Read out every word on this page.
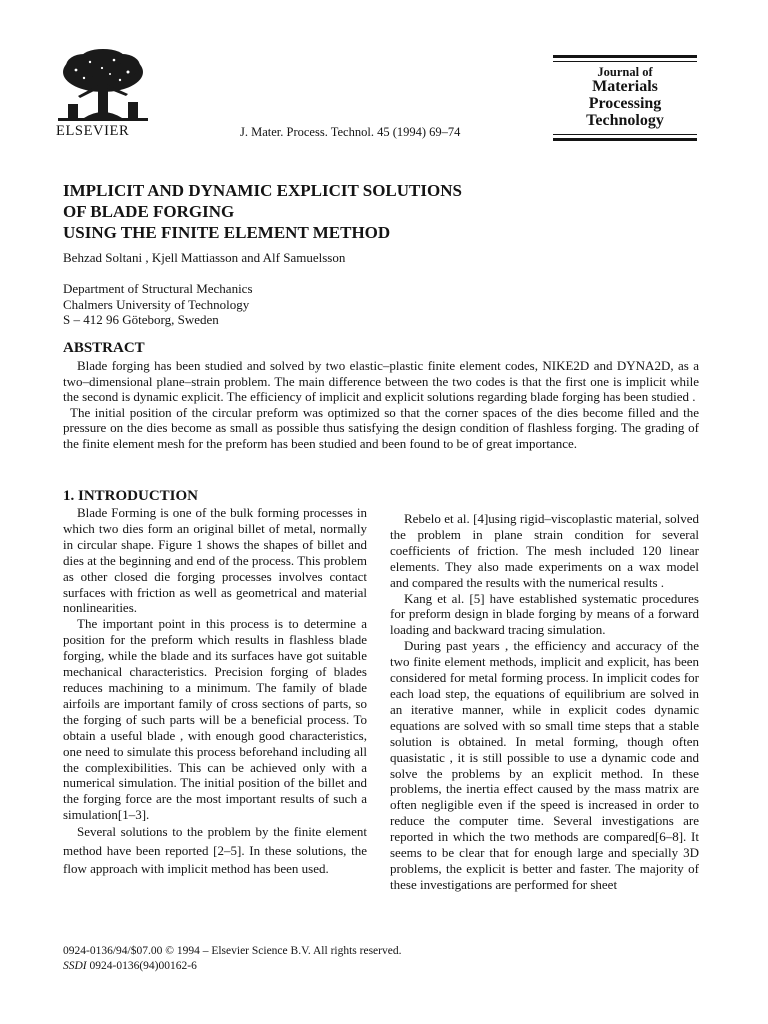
ELSEVIER	J. Mater. Process. Technol. 45 (1994) 69–74
Journal of
Materials
Processing
Technology
IMPLICIT AND DYNAMIC EXPLICIT SOLUTIONS
OF BLADE FORGING
USING THE FINITE ELEMENT METHOD
Behzad Soltani , Kjell Mattiasson and Alf Samuelsson
Department of Structural Mechanics
Chalmers University of Technology
S – 412 96 Göteborg, Sweden
ABSTRACT

Blade forging has been studied and solved by two elastic–plastic finite element codes, NIKE2D and DYNA2D, as a two–dimensional plane–strain problem. The main difference between the two codes is that the first one is implicit while the second is dynamic explicit. The efficiency of implicit and explicit solutions regarding blade forging has been studied .

The initial position of the circular preform was optimized so that the corner spaces of the dies become filled and the pressure on the dies become as small as possible thus satisfying the design condition of flashless forging. The grading of the finite element mesh for the preform has been studied and been found to be of great importance.

1. INTRODUCTION

Blade Forming is one of the bulk forming processes in which two dies form an original billet of metal, normally in circular shape. Figure 1 shows the shapes of billet and dies at the beginning and end of the process. This problem as other closed die forging processes involves contact surfaces with friction as well as geometrical and material nonlinearities.

The important point in this process is to determine a position for the preform which results in flashless blade forging, while the blade and its surfaces have got suitable mechanical characteristics. Precision forging of blades reduces machining to a minimum. The family of blade airfoils are important family of cross sections of parts, so the forging of such parts will be a beneficial process. To obtain a useful blade , with enough good characteristics, one need to simulate this process beforehand including all the complexibilities. This can be achieved only with a numerical simulation. The initial position of the billet and the forging force are the most important results of such a simulation[1–3].

Several solutions to the problem by the finite element method have been reported [2–5]. In these solutions, the flow approach with implicit method has been used.

Rebelo et al. [4]using rigid–viscoplastic material, solved the problem in plane strain condition for several coefficients of friction. The mesh included 120 linear elements. They also made experiments on a wax model and compared the results with the numerical results .

Kang et al. [5] have established systematic procedures for preform design in blade forging by means of a forward loading and backward tracing simulation.

During past years , the efficiency and accuracy of the two finite element methods, implicit and explicit, has been considered for metal forming process. In implicit codes for each load step, the equations of equilibrium are solved in an iterative manner, while in explicit codes dynamic equations are solved with so small time steps that a stable solution is obtained. In metal forming, though often quasistatic , it is still possible to use a dynamic code and solve the problems by an explicit method. In these problems, the inertia effect caused by the mass matrix are often negligible even if the speed is increased in order to reduce the computer time. Several investigations are reported in which the two methods are compared[6–8]. It seems to be clear that for enough large and specially 3D problems, the explicit is better and faster. The majority of these investigations are performed for sheet

0924-0136/94/$07.00 © 1994 – Elsevier Science B.V. All rights reserved.
SSDI 0924-0136(94)00162-6
